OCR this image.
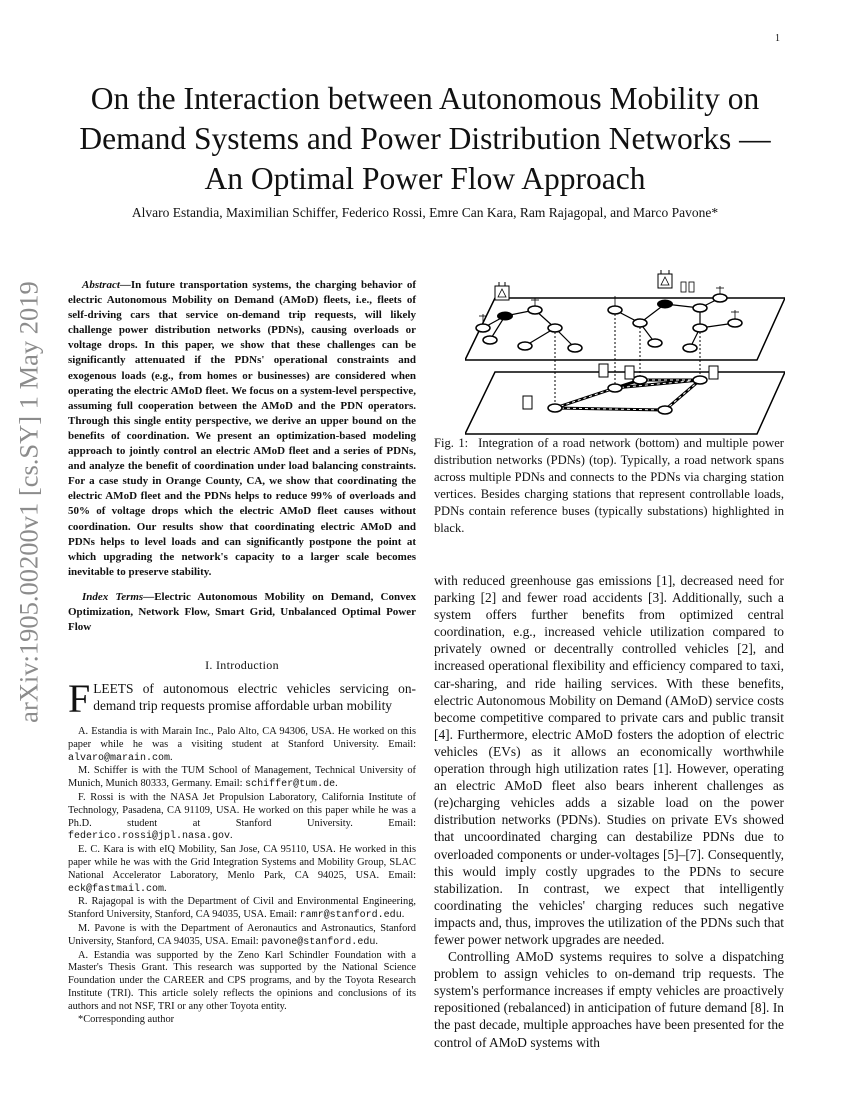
1
On the Interaction between Autonomous Mobility on Demand Systems and Power Distribution Networks — An Optimal Power Flow Approach
Alvaro Estandia, Maximilian Schiffer, Federico Rossi, Emre Can Kara, Ram Rajagopal, and Marco Pavone*
arXiv:1905.00200v1 [cs.SY] 1 May 2019	Abstract—In future transportation systems, the charging behavior of electric Autonomous Mobility on Demand (AMoD) fleets, i.e., fleets of self-driving cars that service on-demand trip requests, will likely challenge power distribution networks (PDNs), causing overloads or voltage drops. In this paper, we show that these challenges can be significantly attenuated if the PDNs' operational constraints and exogenous loads (e.g., from homes or businesses) are considered when operating the electric AMoD fleet. We focus on a system-level perspective, assuming full cooperation between the AMoD and the PDN operators. Through this single entity perspective, we derive an upper bound on the benefits of coordination. We present an optimization-based modeling approach to jointly control an electric AMoD fleet and a series of PDNs, and analyze the benefit of coordination under load balancing constraints. For a case study in Orange County, CA, we show that coordinating the electric AMoD fleet and the PDNs helps to reduce 99% of overloads and 50% of voltage drops which the electric AMoD fleet causes without coordination. Our results show that coordinating electric AMoD and PDNs helps to level loads and can significantly postpone the point at which upgrading the network's capacity to a larger scale becomes inevitable to preserve stability.
Index Terms—Electric Autonomous Mobility on Demand, Convex Optimization, Network Flow, Smart Grid, Unbalanced Optimal Power Flow
I. Introduction
FLEETS of autonomous electric vehicles servicing on-demand trip requests promise affordable urban mobility

A. Estandia is with Marain Inc., Palo Alto, CA 94306, USA. He worked on this paper while he was a visiting student at Stanford University. Email: alvaro@marain.com.

M. Schiffer is with the TUM School of Management, Technical University of Munich, Munich 80333, Germany. Email: schiffer@tum.de.

F. Rossi is with the NASA Jet Propulsion Laboratory, California Institute of Technology, Pasadena, CA 91109, USA. He worked on this paper while he was a Ph.D. student at Stanford University. Email: federico.rossi@jpl.nasa.gov.

E. C. Kara is with eIQ Mobility, San Jose, CA 95110, USA. He worked in this paper while he was with the Grid Integration Systems and Mobility Group, SLAC National Accelerator Laboratory, Menlo Park, CA 94025, USA. Email: eck@fastmail.com.

R. Rajagopal is with the Department of Civil and Environmental Engineering, Stanford University, Stanford, CA 94035, USA. Email: ramr@stanford.edu.

M. Pavone is with the Department of Aeronautics and Astronautics, Stanford University, Stanford, CA 94035, USA. Email: pavone@stanford.edu.

A. Estandia was supported by the Zeno Karl Schindler Foundation with a Master's Thesis Grant. This research was supported by the National Science Foundation under the CAREER and CPS programs, and by the Toyota Research Institute (TRI). This article solely reflects the opinions and conclusions of its authors and not NSF, TRI or any other Toyota entity.

*Corresponding author

Fig. 1: Integration of a road network (bottom) and multiple power distribution networks (PDNs) (top). Typically, a road network spans across multiple PDNs and connects to the PDNs via charging station vertices. Besides charging stations that represent controllable loads, PDNs contain reference buses (typically substations) highlighted in black.

with reduced greenhouse gas emissions [1], decreased need for parking [2] and fewer road accidents [3]. Additionally, such a system offers further benefits from optimized central coordination, e.g., increased vehicle utilization compared to privately owned or decentrally controlled vehicles [2], and increased operational flexibility and efficiency compared to taxi, car-sharing, and ride hailing services. With these benefits, electric Autonomous Mobility on Demand (AMoD) service costs become competitive compared to private cars and public transit [4]. Furthermore, electric AMoD fosters the adoption of electric vehicles (EVs) as it allows an economically worthwhile operation through high utilization rates [1]. However, operating an electric AMoD fleet also bears inherent challenges as (re)charging vehicles adds a sizable load on the power distribution networks (PDNs). Studies on private EVs showed that uncoordinated charging can destabilize PDNs due to overloaded components or under-voltages [5]–[7]. Consequently, this would imply costly upgrades to the PDNs to secure stabilization. In contrast, we expect that intelligently coordinating the vehicles' charging reduces such negative impacts and, thus, improves the utilization of the PDNs such that fewer power network upgrades are needed.

Controlling AMoD systems requires to solve a dispatching problem to assign vehicles to on-demand trip requests. The system's performance increases if empty vehicles are proactively repositioned (rebalanced) in anticipation of future demand [8]. In the past decade, multiple approaches have been presented for the control of AMoD systems with
